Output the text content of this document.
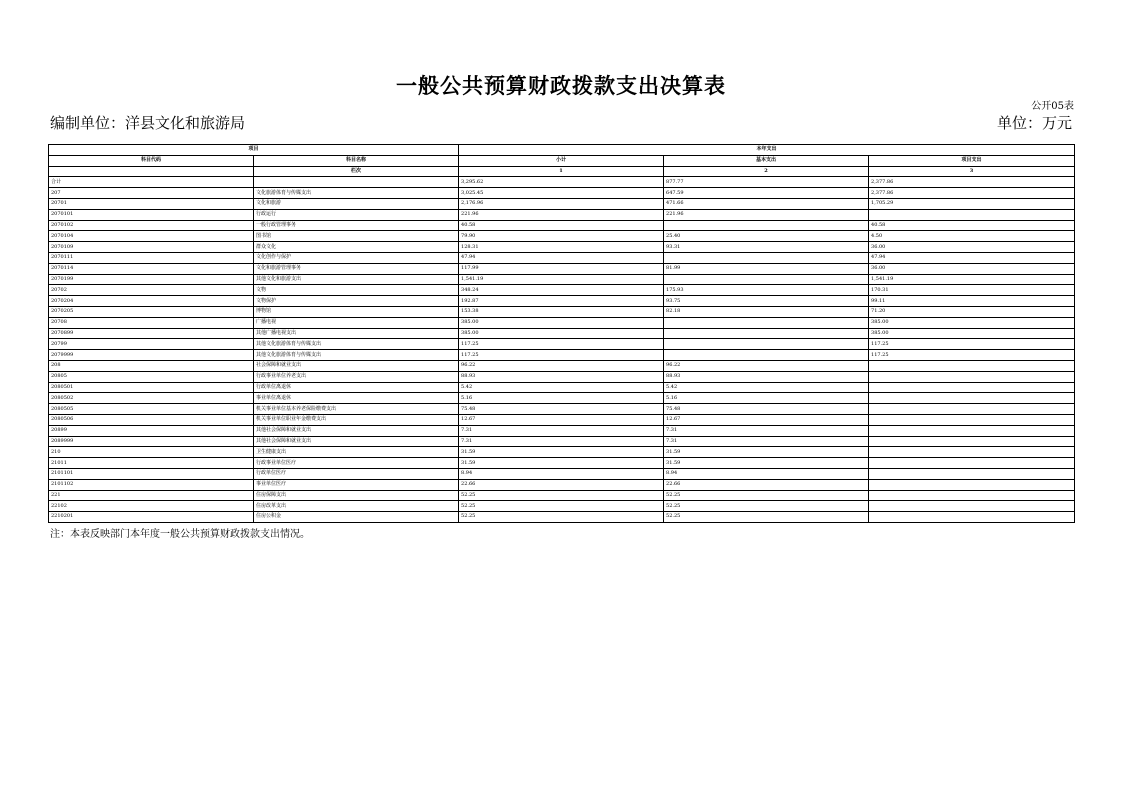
一般公共预算财政拨款支出决算表
公开05表
编制单位：洋县文化和旅游局	单位：万元
项目		本年支出		
科目代码	科目名称	小计	基本支出	项目支出
	栏次	1	2	3
合计		3,295.62	877.77	2,377.86
207	文化旅游体育与传媒支出	3,025.45	647.59	2,377.86
20701	文化和旅游	2,176.96	471.66	1,705.29
2070101	行政运行	221.96	221.96	
2070102	一般行政管理事务	40.58		40.58
2070104	图书馆	79.90	25.40	4.50
2070109	群众文化	128.31	93.31	36.00
2070111	文化创作与保护	47.94		47.94
2070114	文化和旅游管理事务	117.99	81.99	36.00
2070199	其他文化和旅游支出	1,541.19		1,541.19
20702	文物	348.24	175.93	170.31
2070204	文物保护	192.87	93.75	99.11
2070205	博物馆	153.38	82.18	71.20
20708	广播电视	385.00		385.00
2070899	其他广播电视支出	385.00		385.00
20799	其他文化旅游体育与传媒支出	117.25		117.25
2079999	其他文化旅游体育与传媒支出	117.25		117.25
208	社会保障和就业支出	96.22	96.22	
20805	行政事业单位养老支出	88.93	88.93	
2080501	行政单位离退休	5.42	5.42	
2080502	事业单位离退休	5.16	5.16	
2080505	机关事业单位基本养老保险缴费支出	75.48	75.48	
2080506	机关事业单位职业年金缴费支出	12.67	12.67	
20899	其他社会保障和就业支出	7.31	7.31	
2089999	其他社会保障和就业支出	7.31	7.31	
210	卫生健康支出	31.59	31.59	
21011	行政事业单位医疗	31.59	31.59	
2101101	行政单位医疗	8.94	8.94	
2101102	事业单位医疗	22.66	22.66	
221	住房保障支出	52.25	52.25	
22102	住房改革支出	52.25	52.25	
2210201	住房公积金	52.25	52.25	
注：本表反映部门本年度一般公共预算财政拨款支出情况。
